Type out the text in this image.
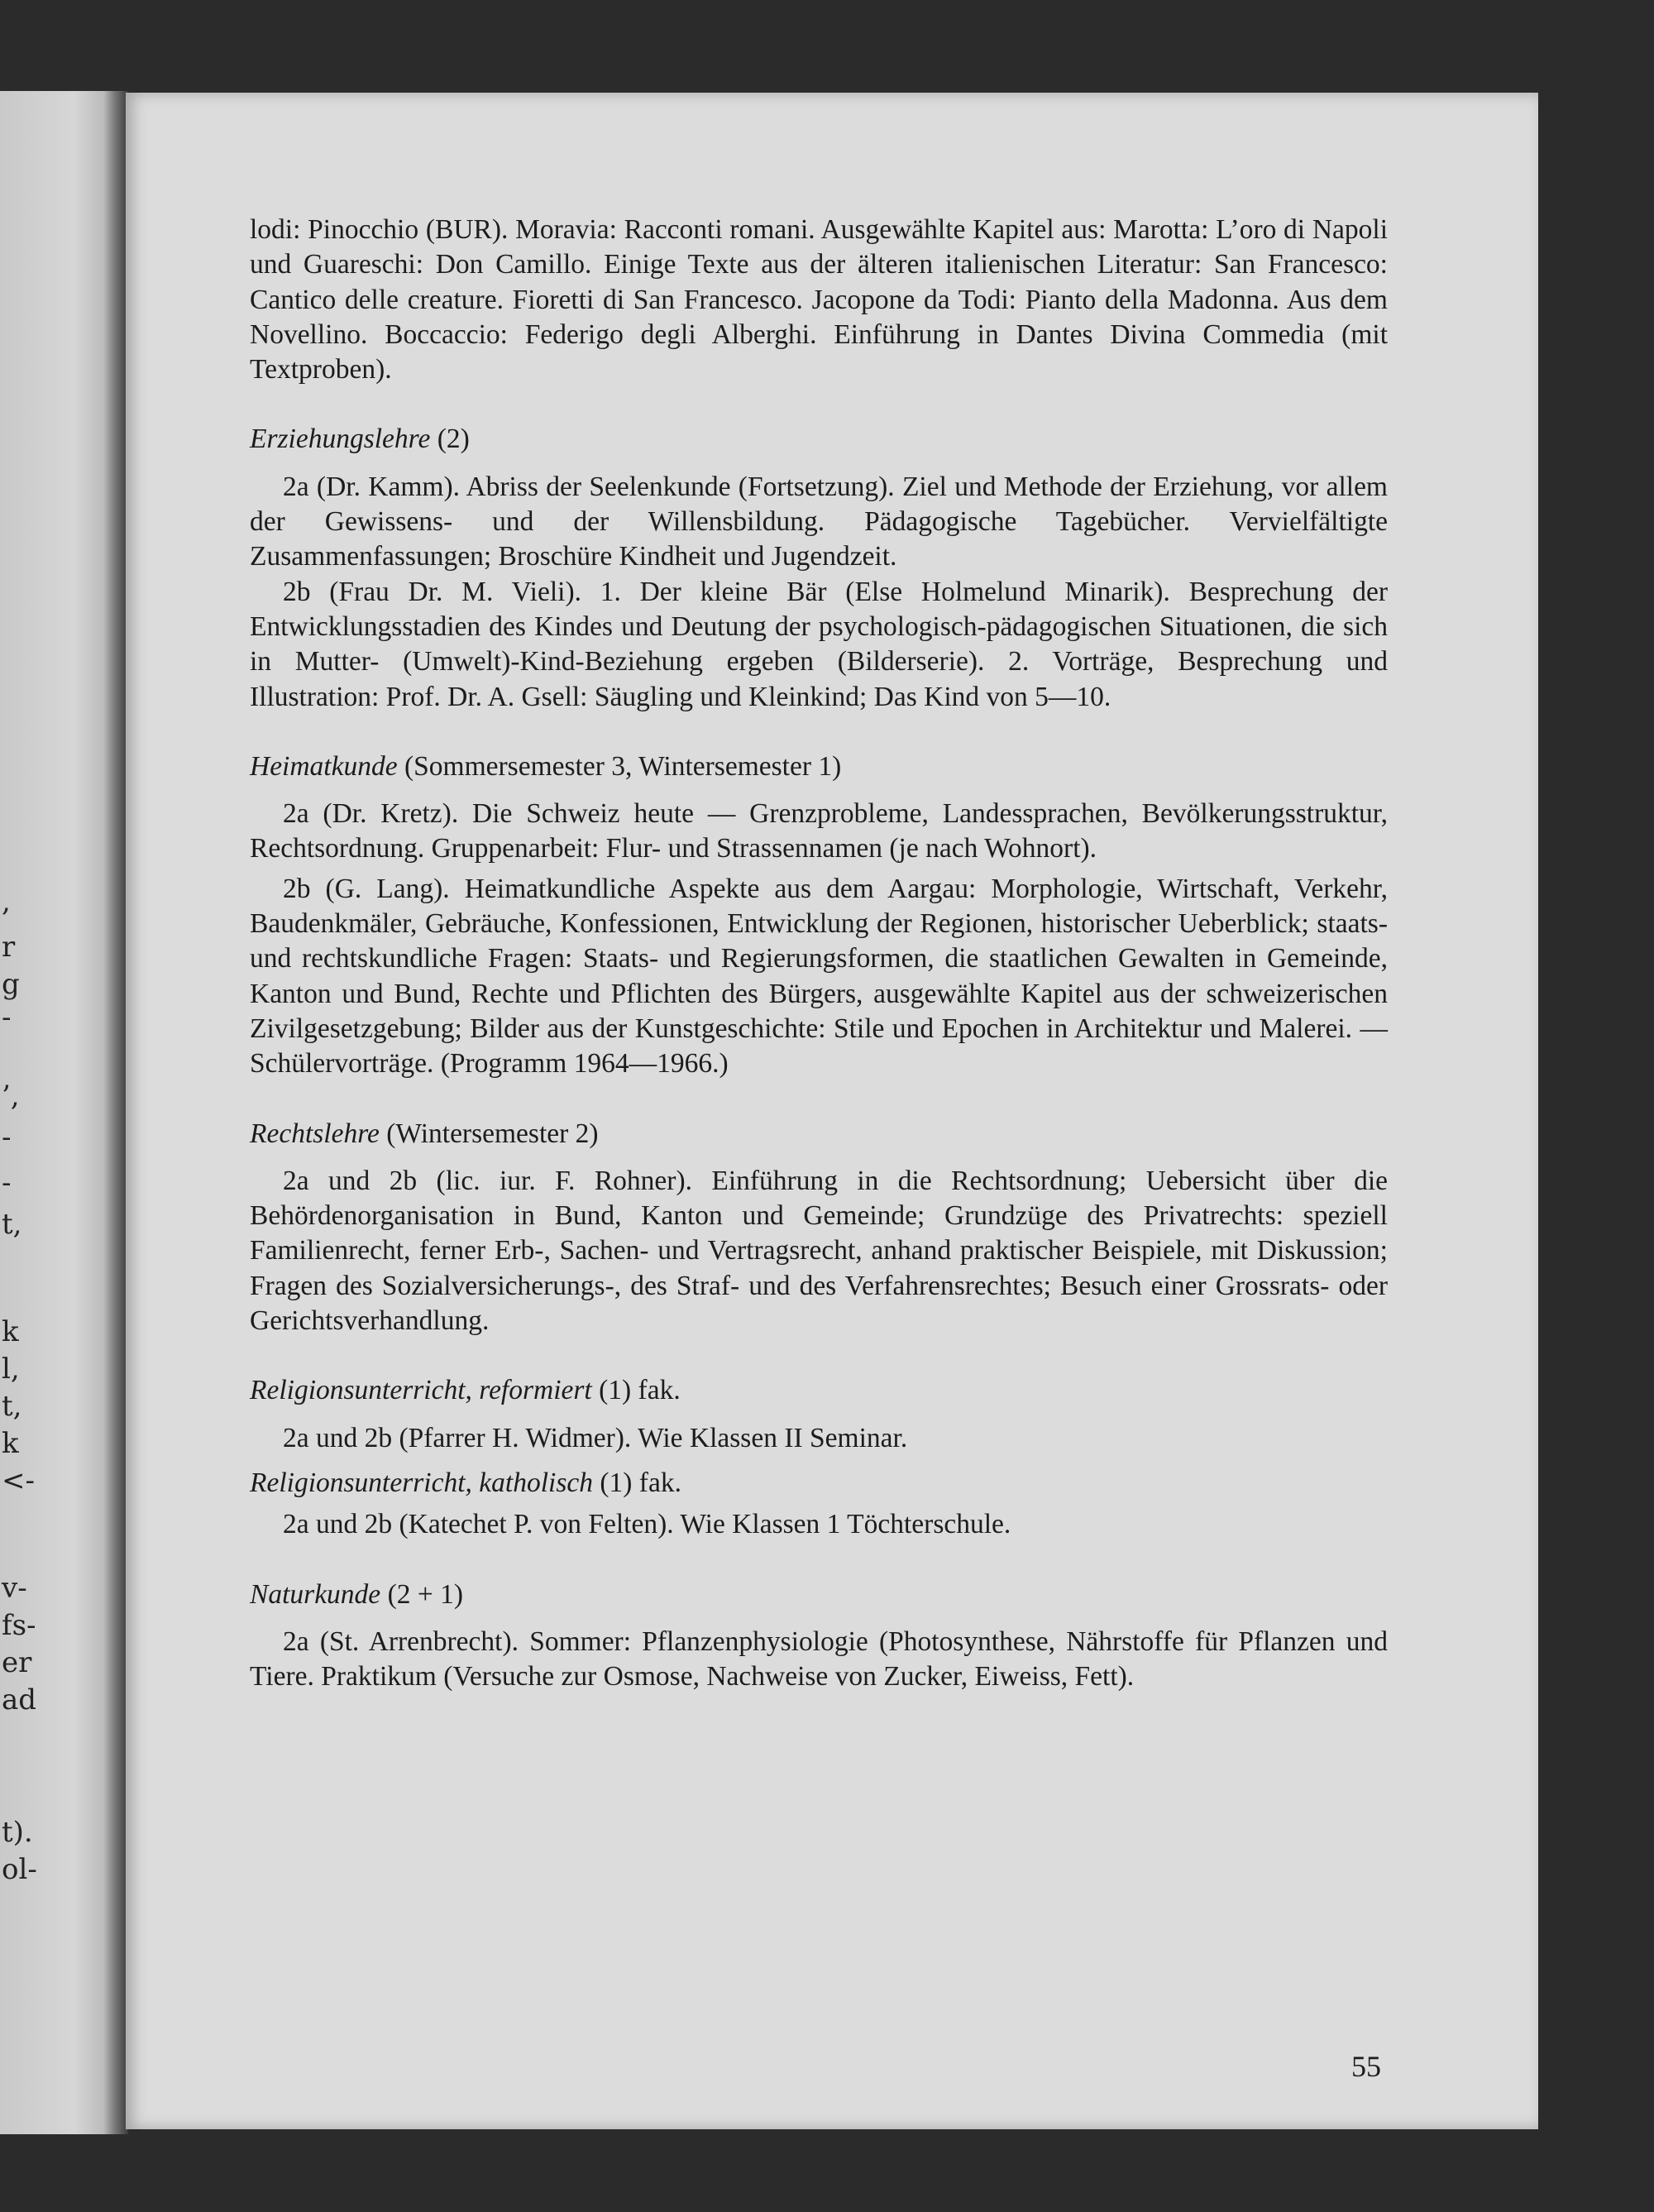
,
r
g
-
’,
-
-
t,
k
l,
t,
k
<-
v-
fs-
er
ad
t).
ol-

lodi: Pinocchio (BUR). Moravia: Racconti romani. Ausgewählte Kapitel aus: Marotta: L’oro di Napoli und Guareschi: Don Camillo. Einige Texte aus der älteren italienischen Literatur: San Francesco: Cantico delle creature. Fioretti di San Francesco. Jacopone da Todi: Pianto della Madonna. Aus dem Novellino. Boccaccio: Federigo degli Alberghi. Einführung in Dantes Divina Commedia (mit Textproben).

Erziehungslehre (2)

2a (Dr. Kamm). Abriss der Seelenkunde (Fortsetzung). Ziel und Methode der Erziehung, vor allem der Gewissens- und der Willensbildung. Pädagogische Tagebücher. Vervielfältigte Zusammenfassungen; Broschüre Kindheit und Jugendzeit.

2b (Frau Dr. M. Vieli). 1. Der kleine Bär (Else Holmelund Minarik). Besprechung der Entwicklungsstadien des Kindes und Deutung der psychologisch-pädagogischen Situationen, die sich in Mutter- (Umwelt)-Kind-Beziehung ergeben (Bilderserie). 2. Vorträge, Besprechung und Illustration: Prof. Dr. A. Gsell: Säugling und Kleinkind; Das Kind von 5—10.

Heimatkunde (Sommersemester 3, Wintersemester 1)

2a (Dr. Kretz). Die Schweiz heute — Grenzprobleme, Landessprachen, Bevölkerungsstruktur, Rechtsordnung. Gruppenarbeit: Flur- und Strassennamen (je nach Wohnort).

2b (G. Lang). Heimatkundliche Aspekte aus dem Aargau: Morphologie, Wirtschaft, Verkehr, Baudenkmäler, Gebräuche, Konfessionen, Entwicklung der Regionen, historischer Ueberblick; staats- und rechtskundliche Fragen: Staats- und Regierungsformen, die staatlichen Gewalten in Gemeinde, Kanton und Bund, Rechte und Pflichten des Bürgers, ausgewählte Kapitel aus der schweizerischen Zivilgesetzgebung; Bilder aus der Kunstgeschichte: Stile und Epochen in Architektur und Malerei. — Schülervorträge. (Programm 1964—1966.)

Rechtslehre (Wintersemester 2)

2a und 2b (lic. iur. F. Rohner). Einführung in die Rechtsordnung; Uebersicht über die Behördenorganisation in Bund, Kanton und Gemeinde; Grundzüge des Privatrechts: speziell Familienrecht, ferner Erb-, Sachen- und Vertragsrecht, anhand praktischer Beispiele, mit Diskussion; Fragen des Sozialversicherungs-, des Straf- und des Verfahrensrechtes; Besuch einer Grossrats- oder Gerichtsverhandlung.

Religionsunterricht, reformiert (1) fak.

2a und 2b (Pfarrer H. Widmer). Wie Klassen II Seminar.

Religionsunterricht, katholisch (1) fak.

2a und 2b (Katechet P. von Felten). Wie Klassen 1 Töchterschule.

Naturkunde (2 + 1)

2a (St. Arrenbrecht). Sommer: Pflanzenphysiologie (Photosynthese, Nährstoffe für Pflanzen und Tiere. Praktikum (Versuche zur Osmose, Nachweise von Zucker, Eiweiss, Fett).

55
